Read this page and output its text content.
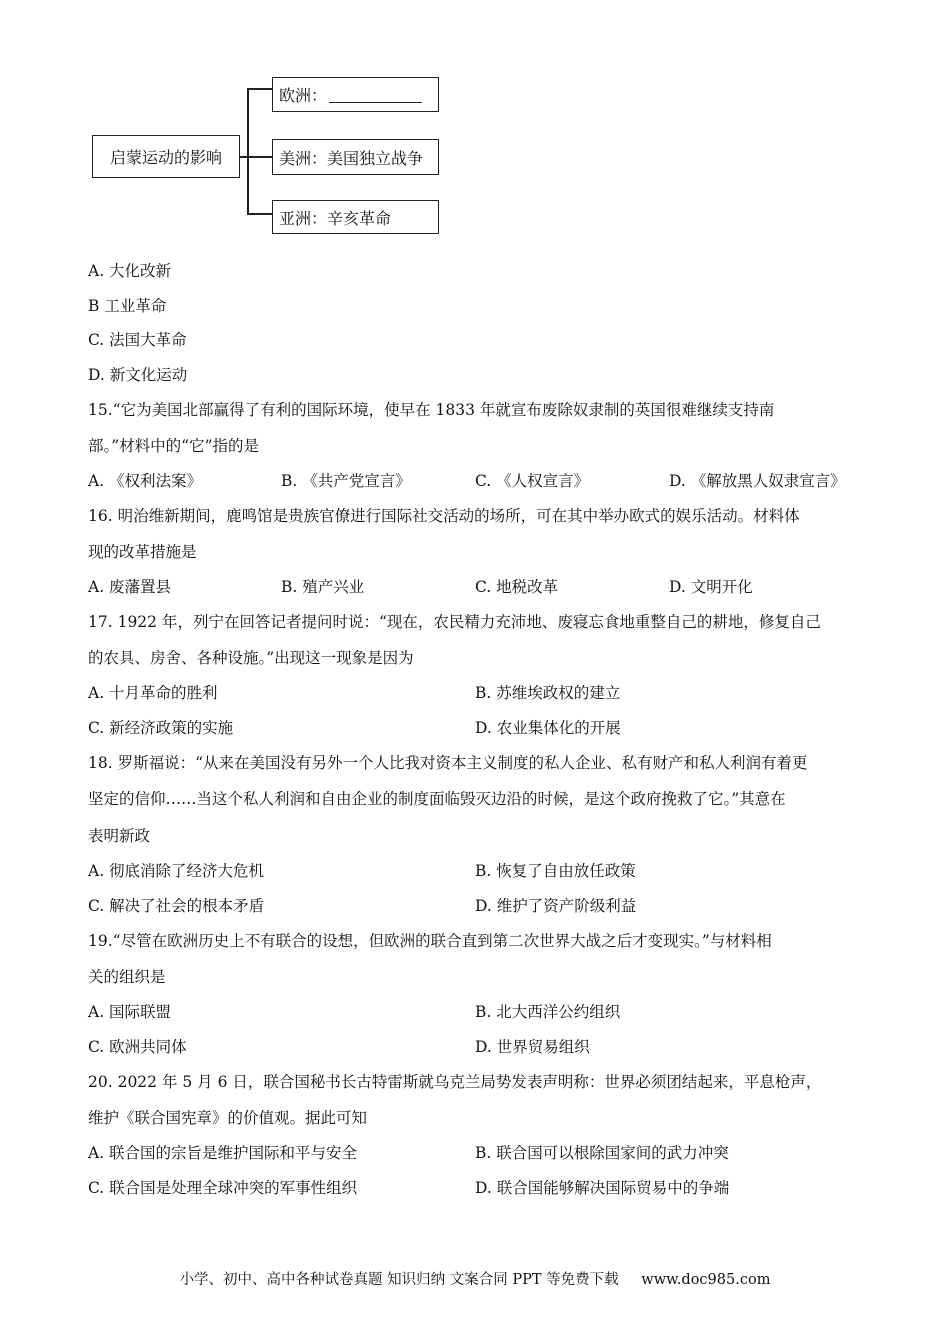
启蒙运动的影响
欧洲：
美洲：美国独立战争
亚洲：辛亥革命
A. 大化改新
B 工业革命
C. 法国大革命
D. 新文化运动
15.“它为美国北部赢得了有利的国际环境，使早在 1833 年就宣布废除奴隶制的英国很难继续支持南
部。”材料中的“它”指的是
A. 《权利法案》	B. 《共产党宣言》	C. 《人权宣言》	D. 《解放黑人奴隶宣言》
16. 明治维新期间，鹿鸣馆是贵族官僚进行国际社交活动的场所，可在其中举办欧式的娱乐活动。材料体
现的改革措施是
A. 废藩置县	B. 殖产兴业	C. 地税改革	D. 文明开化
17. 1922 年，列宁在回答记者提问时说：“现在，农民精力充沛地、废寝忘食地重整自己的耕地，修复自己
的农具、房舍、各种设施。”出现这一现象是因为
A. 十月革命的胜利	B. 苏维埃政权的建立
C. 新经济政策的实施	D. 农业集体化的开展
18. 罗斯福说：“从来在美国没有另外一个人比我对资本主义制度的私人企业、私有财产和私人利润有着更
坚定的信仰……当这个私人利润和自由企业的制度面临毁灭边沿的时候，是这个政府挽救了它。”其意在
表明新政
A. 彻底消除了经济大危机	B. 恢复了自由放任政策
C. 解决了社会的根本矛盾	D. 维护了资产阶级利益
19.“尽管在欧洲历史上不有联合的设想，但欧洲的联合直到第二次世界大战之后才变现实。”与材料相
关的组织是
A. 国际联盟	B. 北大西洋公约组织
C. 欧洲共同体	D. 世界贸易组织
20. 2022 年 5 月 6 日，联合国秘书长古特雷斯就乌克兰局势发表声明称：世界必须团结起来，平息枪声，
维护《联合国宪章》的价值观。据此可知
A. 联合国的宗旨是维护国际和平与安全	B. 联合国可以根除国家间的武力冲突
C. 联合国是处理全球冲突的军事性组织	D. 联合国能够解决国际贸易中的争端
小学、初中、高中各种试卷真题 知识归纳 文案合同 PPT 等免费下载 www.doc985.com
